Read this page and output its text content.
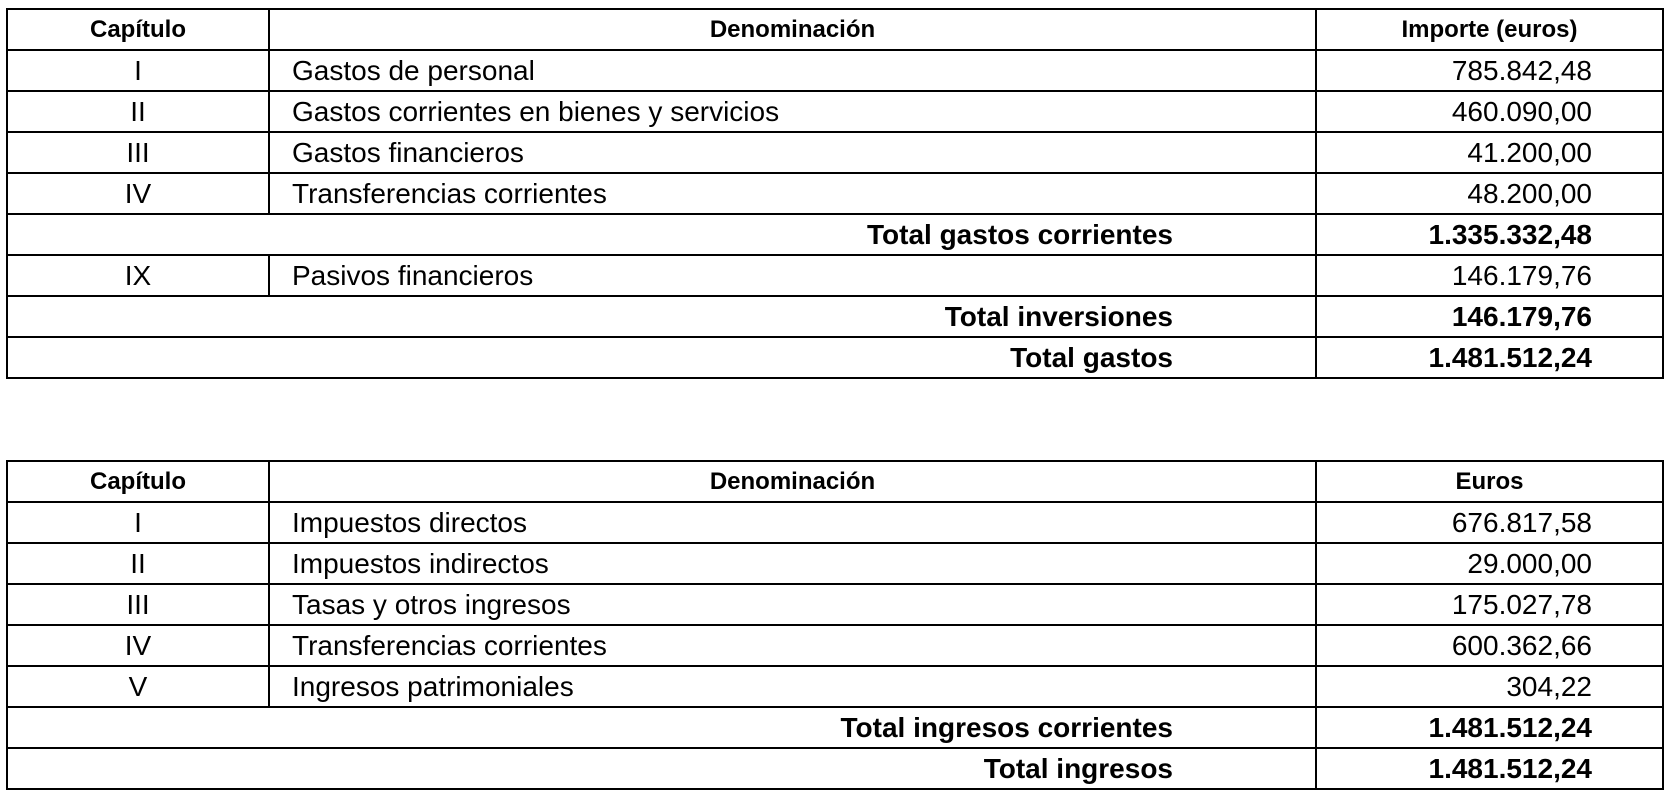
Capítulo	Denominación	Importe (euros)
I	Gastos de personal	785.842,48
II	Gastos corrientes en bienes y servicios	460.090,00
III	Gastos financieros	41.200,00
IV	Transferencias corrientes	48.200,00
Total gastos corrientes		1.335.332,48
IX	Pasivos financieros	146.179,76
Total inversiones		146.179,76
Total gastos		1.481.512,24
Capítulo	Denominación	Euros
I	Impuestos directos	676.817,58
II	Impuestos indirectos	29.000,00
III	Tasas y otros ingresos	175.027,78
IV	Transferencias corrientes	600.362,66
V	Ingresos patrimoniales	304,22
Total ingresos corrientes		1.481.512,24
Total ingresos		1.481.512,24
